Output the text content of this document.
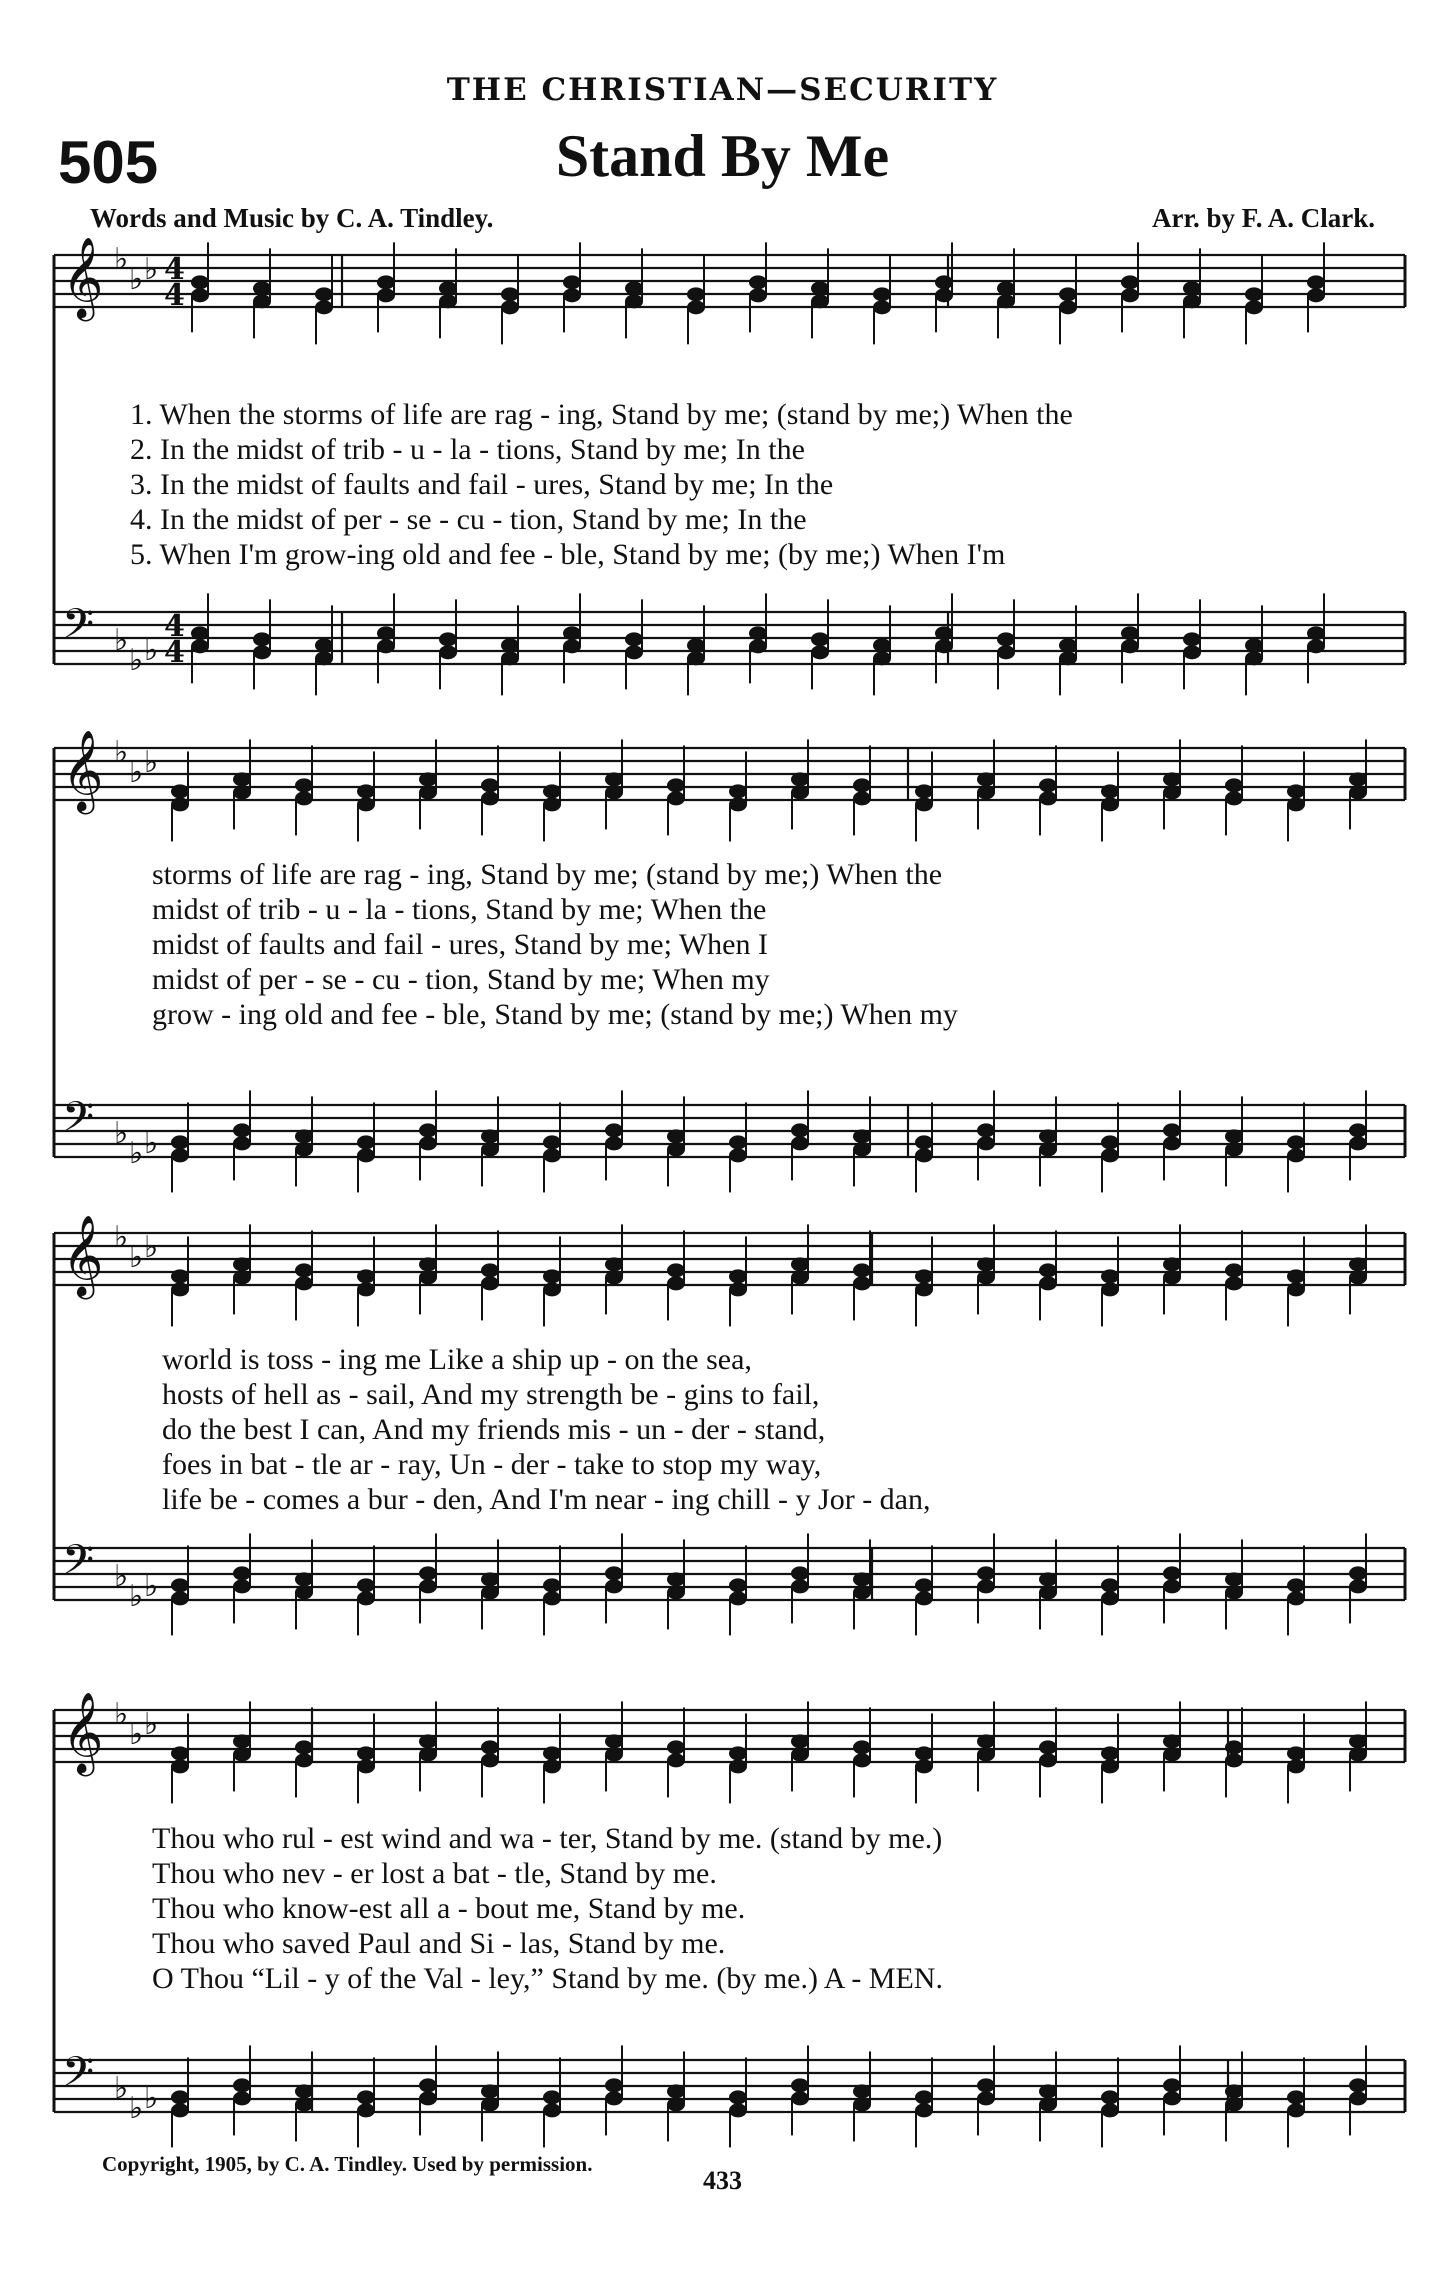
THE CHRISTIAN—SECURITY
505	Stand By Me
Words and Music by C. A. Tindley.	Arr. by F. A. Clark.
𝄞 ♭
♭ ♭ 4
4
𝄢 ♭
♭ ♭
4
4
𝄞 ♭
♭ ♭
𝄢 ♭
♭ ♭
𝄞 ♭
♭ ♭
𝄢 ♭
♭ ♭
𝄞 ♭
♭ ♭
𝄢 ♭
♭ ♭
1. When the storms of life are rag - ing, Stand by me; (stand by me;) When the
2. In the midst of trib - u - la - tions, Stand by me; In the
3. In the midst of faults and fail - ures, Stand by me; In the
4. In the midst of per - se - cu - tion, Stand by me; In the
5. When I'm grow-ing old and fee - ble, Stand by me; (by me;) When I'm
storms of life are rag - ing, Stand by me; (stand by me;) When the
midst of trib - u - la - tions, Stand by me; When the
midst of faults and fail - ures, Stand by me; When I
midst of per - se - cu - tion, Stand by me; When my
grow - ing old and fee - ble, Stand by me; (stand by me;) When my
world is toss - ing me Like a ship up - on the sea,
hosts of hell as - sail, And my strength be - gins to fail,
do the best I can, And my friends mis - un - der - stand,
foes in bat - tle ar - ray, Un - der - take to stop my way,
life be - comes a bur - den, And I'm near - ing chill - y Jor - dan,
Thou who rul - est wind and wa - ter, Stand by me. (stand by me.)
Thou who nev - er lost a bat - tle, Stand by me.
Thou who know-est all a - bout me, Stand by me.
Thou who saved Paul and Si - las, Stand by me.
O Thou “Lil - y of the Val - ley,” Stand by me. (by me.) A - MEN.
Copyright, 1905, by C. A. Tindley. Used by permission.
433
